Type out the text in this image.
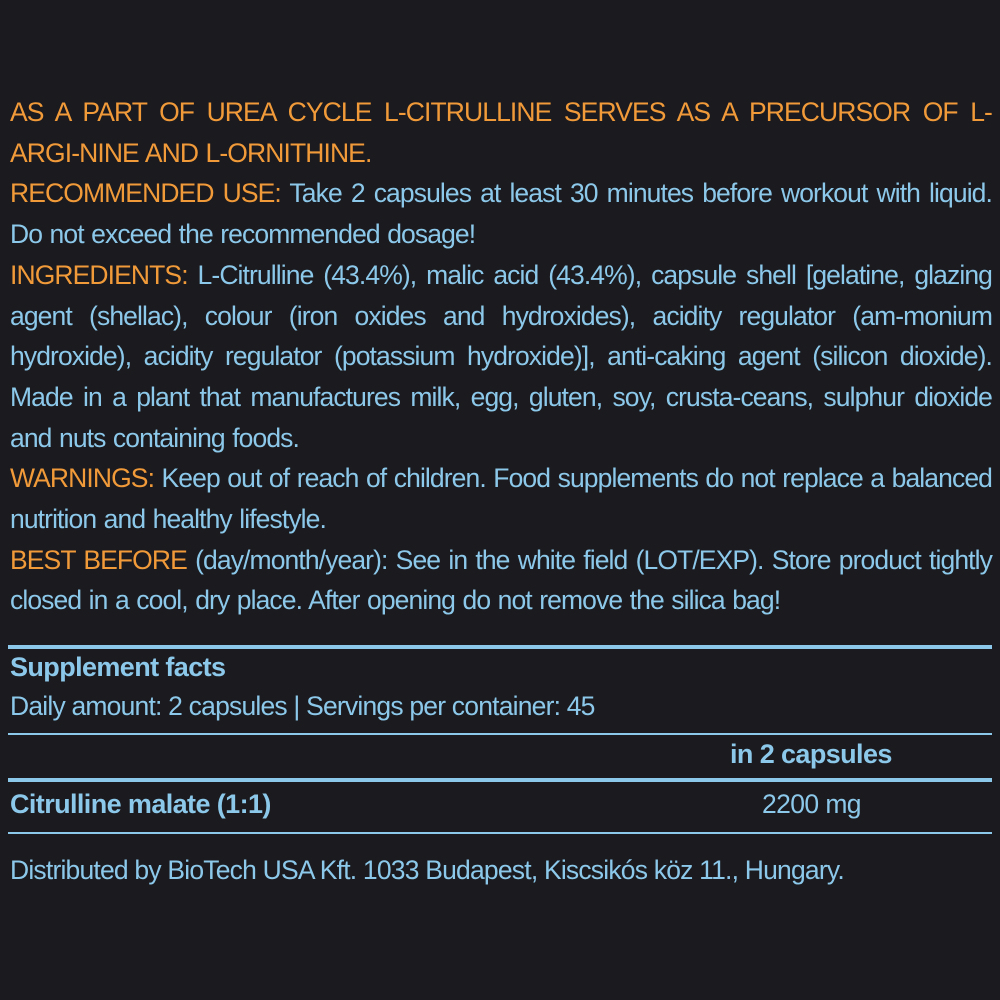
AS A PART OF UREA CYCLE L-CITRULLINE SERVES AS A PRECURSOR OF L-ARGI-NINE AND L-ORNITHINE.

RECOMMENDED USE: Take 2 capsules at least 30 minutes before workout with liquid. Do not exceed the recommended dosage!

INGREDIENTS: L-Citrulline (43.4%), malic acid (43.4%), capsule shell [gelatine, glazing agent (shellac), colour (iron oxides and hydroxides), acidity regulator (am-monium hydroxide), acidity regulator (potassium hydroxide)], anti-caking agent (silicon dioxide). Made in a plant that manufactures milk, egg, gluten, soy, crusta-ceans, sulphur dioxide and nuts containing foods.

WARNINGS: Keep out of reach of children. Food supplements do not replace a balanced nutrition and healthy lifestyle.

BEST BEFORE (day/month/year): See in the white field (LOT/EXP). Store product tightly closed in a cool, dry place. After opening do not remove the silica bag!

Supplement facts
Daily amount: 2 capsules | Servings per container: 45
in 2 capsules
Citrulline malate (1:1)	2200 mg
Distributed by BioTech USA Kft. 1033 Budapest, Kiscsikós köz 11., Hungary.
